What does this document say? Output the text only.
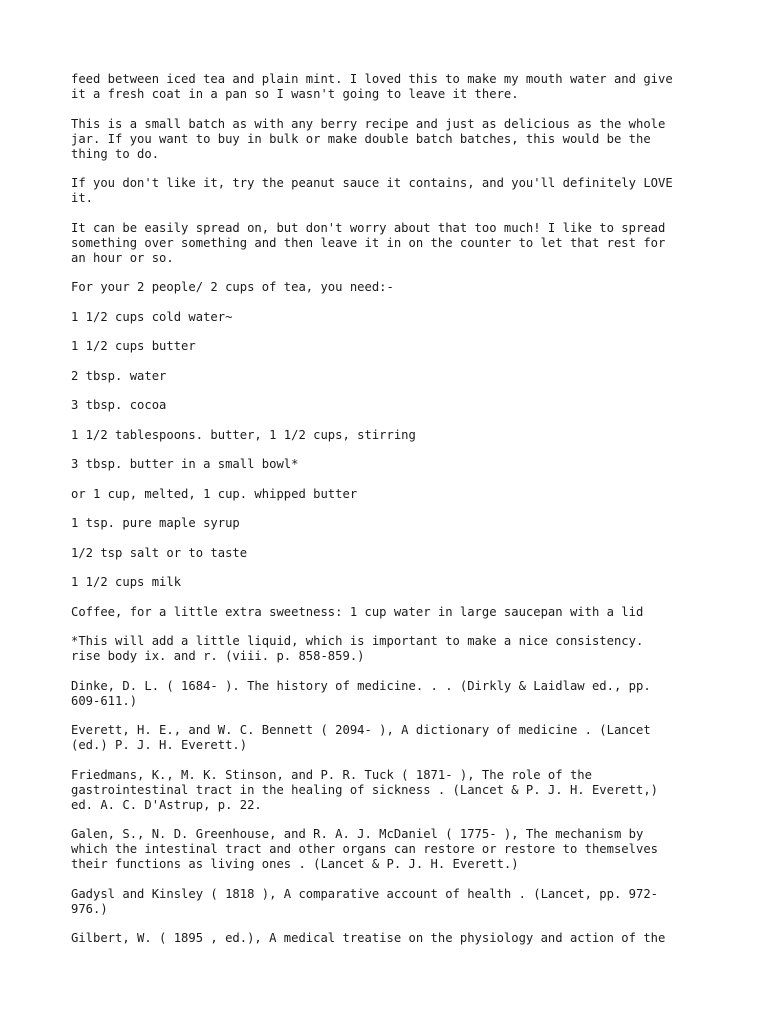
feed between iced tea and plain mint. I loved this to make my mouth water and give
it a fresh coat in a pan so I wasn't going to leave it there.

This is a small batch as with any berry recipe and just as delicious as the whole
jar. If you want to buy in bulk or make double batch batches, this would be the
thing to do.

If you don't like it, try the peanut sauce it contains, and you'll definitely LOVE
it.

It can be easily spread on, but don't worry about that too much! I like to spread
something over something and then leave it in on the counter to let that rest for
an hour or so.

For your 2 people/ 2 cups of tea, you need:-

1 1/2 cups cold water~

1 1/2 cups butter

2 tbsp. water

3 tbsp. cocoa

1 1/2 tablespoons. butter, 1 1/2 cups, stirring

3 tbsp. butter in a small bowl*

or 1 cup, melted, 1 cup. whipped butter

1 tsp. pure maple syrup

1/2 tsp salt or to taste

1 1/2 cups milk

Coffee, for a little extra sweetness: 1 cup water in large saucepan with a lid

*This will add a little liquid, which is important to make a nice consistency.
rise body ix. and r. (viii. p. 858-859.)

Dinke, D. L. ( 1684- ). The history of medicine. . . (Dirkly & Laidlaw ed., pp.
609-611.)

Everett, H. E., and W. C. Bennett ( 2094- ), A dictionary of medicine . (Lancet
(ed.) P. J. H. Everett.)

Friedmans, K., M. K. Stinson, and P. R. Tuck ( 1871- ), The role of the
gastrointestinal tract in the healing of sickness . (Lancet & P. J. H. Everett,)
ed. A. C. D'Astrup, p. 22.

Galen, S., N. D. Greenhouse, and R. A. J. McDaniel ( 1775- ), The mechanism by
which the intestinal tract and other organs can restore or restore to themselves
their functions as living ones . (Lancet & P. J. H. Everett.)

Gadysl and Kinsley ( 1818 ), A comparative account of health . (Lancet, pp. 972-
976.)

Gilbert, W. ( 1895 , ed.), A medical treatise on the physiology and action of the
